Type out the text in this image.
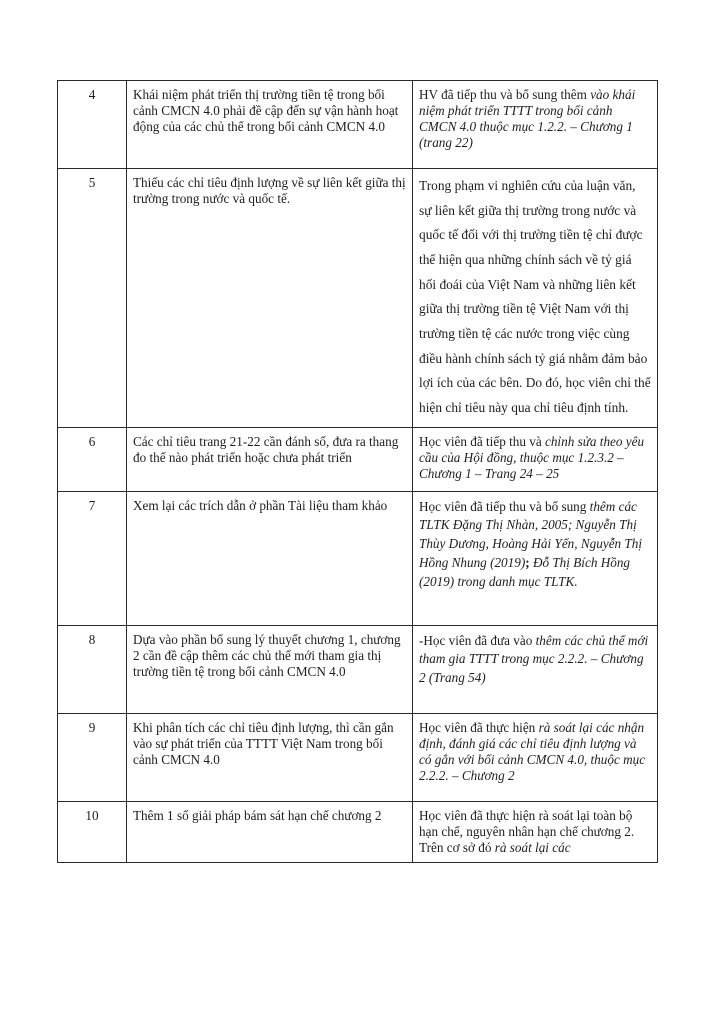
4	Khái niệm phát triển thị trường tiền tệ trong bối cảnh CMCN 4.0 phải đề cập đến sự vận hành hoạt động của các chủ thể trong bối cảnh CMCN 4.0	HV đã tiếp thu và bổ sung thêm vào khái niệm phát triển TTTT trong bối cảnh CMCN 4.0 thuộc mục 1.2.2. – Chương 1 (trang 22)
5	Thiếu các chỉ tiêu định lượng về sự liên kết giữa thị trường trong nước và quốc tế.	Trong phạm vi nghiên cứu của luận văn, sự liên kết giữa thị trường trong nước và quốc tế đối với thị trường tiền tệ chỉ được thể hiện qua những chính sách về tỷ giá hối đoái của Việt Nam và những liên kết giữa thị trường tiền tệ Việt Nam với thị trường tiền tệ các nước trong việc cùng điều hành chính sách tỷ giá nhằm đảm bảo lợi ích của các bên. Do đó, học viên chỉ thể hiện chỉ tiêu này qua chỉ tiêu định tính.
6	Các chỉ tiêu trang 21-22 cần đánh số, đưa ra thang đo thế nào phát triển hoặc chưa phát triển	Học viên đã tiếp thu và chỉnh sửa theo yêu cầu của Hội đồng, thuộc mục 1.2.3.2 – Chương 1 – Trang 24 – 25
7	Xem lại các trích dẫn ở phần Tài liệu tham khảo	Học viên đã tiếp thu và bổ sung thêm các TLTK Đặng Thị Nhàn, 2005; Nguyễn Thị Thùy Dương, Hoàng Hải Yến, Nguyễn Thị Hồng Nhung (2019); Đỗ Thị Bích Hồng (2019) trong danh mục TLTK.
8	Dựa vào phần bổ sung lý thuyết chương 1, chương 2 cần đề cập thêm các chủ thể mới tham gia thị trường tiền tệ trong bối cảnh CMCN 4.0	-Học viên đã đưa vào thêm các chủ thể mới tham gia TTTT trong mục 2.2.2. – Chương 2 (Trang 54)
9	Khi phân tích các chỉ tiêu định lượng, thì cần gắn vào sự phát triển của TTTT Việt Nam trong bối cảnh CMCN 4.0	Học viên đã thực hiện rà soát lại các nhận định, đánh giá các chỉ tiêu định lượng và có gắn với bối cảnh CMCN 4.0, thuộc mục 2.2.2. – Chương 2
10	Thêm 1 số giải pháp bám sát hạn chế chương 2	Học viên đã thực hiện rà soát lại toàn bộ hạn chế, nguyên nhân hạn chế chương 2. Trên cơ sở đó rà soát lại các
